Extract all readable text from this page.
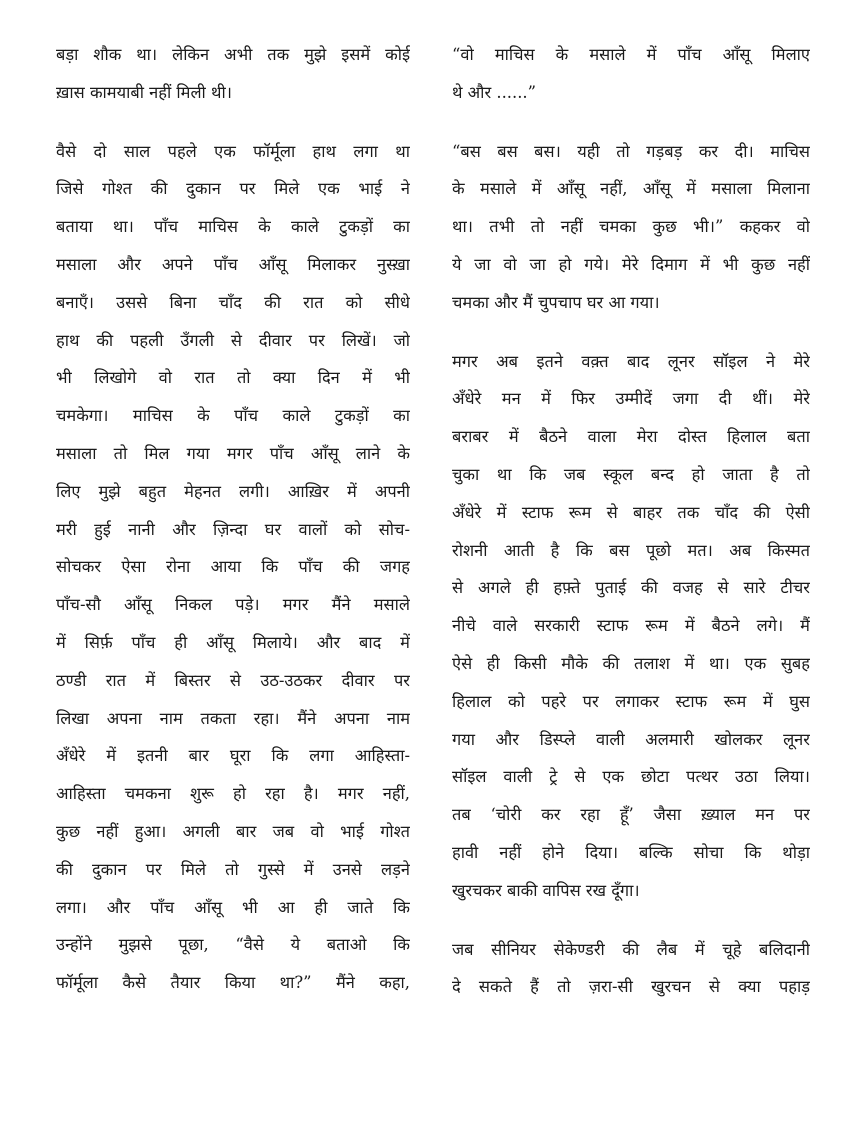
बड़ा शौक था। लेकिन अभी तक मुझे इसमें कोई
ख़ास कामयाबी नहीं मिली थी।
वैसे दो साल पहले एक फॉर्मूला हाथ लगा था
जिसे गोश्त की दुकान पर मिले एक भाई ने
बताया था। पाँच माचिस के काले टुकड़ों का
मसाला और अपने पाँच आँसू मिलाकर नुस्ख़ा
बनाएँ। उससे बिना चाँद की रात को सीधे
हाथ की पहली उँगली से दीवार पर लिखें। जो
भी लिखोगे वो रात तो क्या दिन में भी
चमकेगा। माचिस के पाँच काले टुकड़ों का
मसाला तो मिल गया मगर पाँच आँसू लाने के
लिए मुझे बहुत मेहनत लगी। आख़िर में अपनी
मरी हुई नानी और ज़िन्दा घर वालों को सोच-
सोचकर ऐसा रोना आया कि पाँच की जगह
पाँच-सौ आँसू निकल पड़े। मगर मैंने मसाले
में सिर्फ़ पाँच ही आँसू मिलाये। और बाद में
ठण्डी रात में बिस्तर से उठ-उठकर दीवार पर
लिखा अपना नाम तकता रहा। मैंने अपना नाम
अँधेरे में इतनी बार घूरा कि लगा आहिस्ता-
आहिस्ता चमकना शुरू हो रहा है। मगर नहीं,
कुछ नहीं हुआ। अगली बार जब वो भाई गोश्त
की दुकान पर मिले तो गुस्से में उनसे लड़ने
लगा। और पाँच आँसू भी आ ही जाते कि
उन्होंने मुझसे पूछा, “वैसे ये बताओ कि
फॉर्मूला कैसे तैयार किया था?” मैंने कहा,
“वो माचिस के मसाले में पाँच आँसू मिलाए
थे और ......”
“बस बस बस। यही तो गड़बड़ कर दी। माचिस
के मसाले में आँसू नहीं, आँसू में मसाला मिलाना
था। तभी तो नहीं चमका कुछ भी।” कहकर वो
ये जा वो जा हो गये। मेरे दिमाग में भी कुछ नहीं
चमका और मैं चुपचाप घर आ गया।
मगर अब इतने वक़्त बाद लूनर सॉइल ने मेरे
अँधेरे मन में फिर उम्मीदें जगा दी थीं। मेरे
बराबर में बैठने वाला मेरा दोस्त हिलाल बता
चुका था कि जब स्कूल बन्द हो जाता है तो
अँधेरे में स्टाफ रूम से बाहर तक चाँद की ऐसी
रोशनी आती है कि बस पूछो मत। अब किस्मत
से अगले ही हफ़्ते पुताई की वजह से सारे टीचर
नीचे वाले सरकारी स्टाफ रूम में बैठने लगे। मैं
ऐसे ही किसी मौके की तलाश में था। एक सुबह
हिलाल को पहरे पर लगाकर स्टाफ रूम में घुस
गया और डिस्प्ले वाली अलमारी खोलकर लूनर
सॉइल वाली ट्रे से एक छोटा पत्थर उठा लिया।
तब ‘चोरी कर रहा हूँ’ जैसा ख़्याल मन पर
हावी नहीं होने दिया। बल्कि सोचा कि थोड़ा
खुरचकर बाकी वापिस रख दूँगा।
जब सीनियर सेकेण्डरी की लैब में चूहे बलिदानी
दे सकते हैं तो ज़रा-सी खुरचन से क्या पहाड़
